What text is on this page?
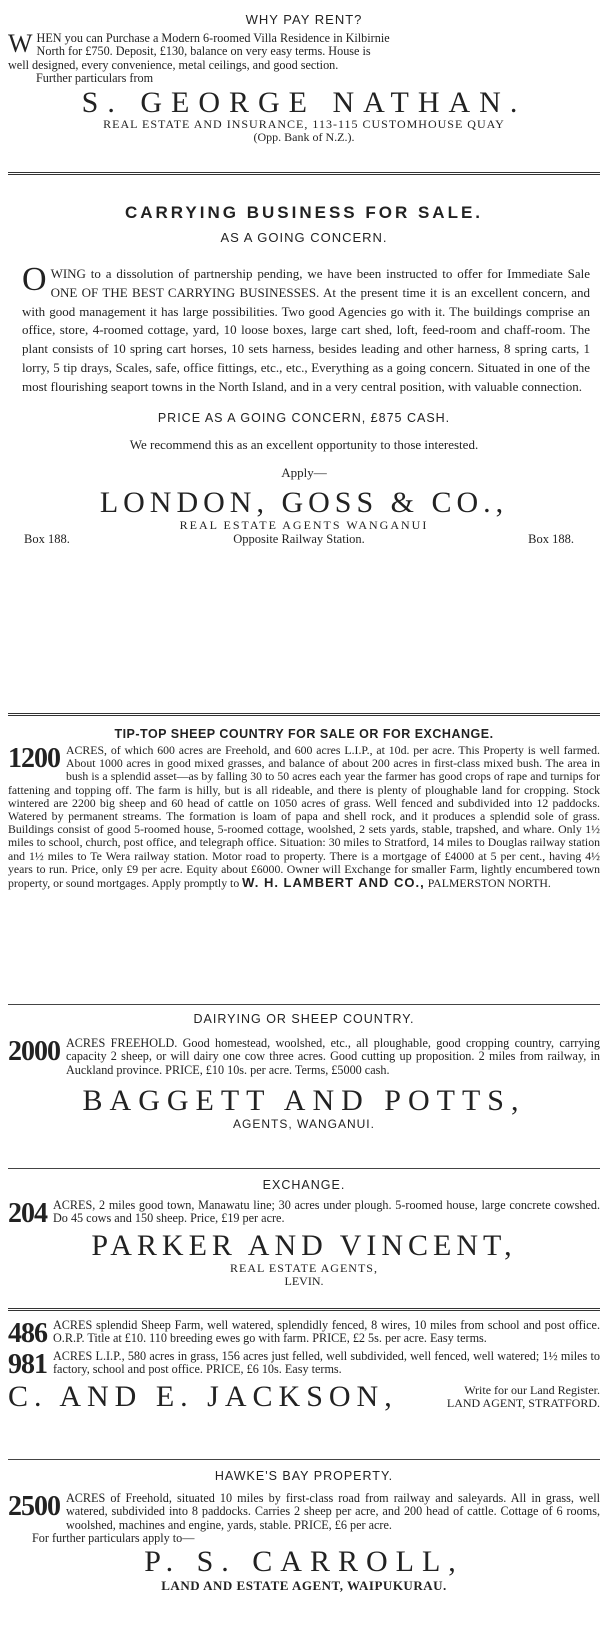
WHY PAY RENT?

WHEN you can Purchase a Modern 6-roomed Villa Residence in Kilbirnie
North for £750. Deposit, £130, balance on very easy terms. House is
well designed, every convenience, metal ceilings, and good section.
Further particulars from

S. GEORGE NATHAN.
REAL ESTATE AND INSURANCE, 113-115 CUSTOMHOUSE QUAY
(Opp. Bank of N.Z.).
CARRYING BUSINESS FOR SALE.
AS A GOING CONCERN.

OWING to a dissolution of partnership pending, we have been instructed to offer for Immediate Sale ONE OF THE BEST CARRYING BUSINESSES. At the present time it is an excellent concern, and with good management it has large possibilities. Two good Agencies go with it. The buildings comprise an office, store, 4-roomed cottage, yard, 10 loose boxes, large cart shed, loft, feed-room and chaff-room. The plant consists of 10 spring cart horses, 10 sets harness, besides leading and other harness, 8 spring carts, 1 lorry, 5 tip drays, Scales, safe, office fittings, etc., etc., Everything as a going concern. Situated in one of the most flourishing seaport towns in the North Island, and in a very central position, with valuable connection.

PRICE AS A GOING CONCERN, £875 CASH.
We recommend this as an excellent opportunity to those interested.
Apply—
LONDON, GOSS & CO.,
REAL ESTATE AGENTS WANGANUI
Box 188.	Opposite Railway Station.	Box 188.
TIP-TOP SHEEP COUNTRY FOR SALE OR FOR EXCHANGE.

1200 ACRES, of which 600 acres are Freehold, and 600 acres L.I.P., at 10d. per acre. This Property is well farmed. About 1000 acres in good mixed grasses, and balance of about 200 acres in first-class mixed bush. The area in bush is a splendid asset—as by falling 30 to 50 acres each year the farmer has good crops of rape and turnips for fattening and topping off. The farm is hilly, but is all rideable, and there is plenty of ploughable land for cropping. Stock wintered are 2200 big sheep and 60 head of cattle on 1050 acres of grass. Well fenced and subdivided into 12 paddocks. Watered by permanent streams. The formation is loam of papa and shell rock, and it produces a splendid sole of grass. Buildings consist of good 5-roomed house, 5-roomed cottage, woolshed, 2 sets yards, stable, trapshed, and whare. Only 1½ miles to school, church, post office, and telegraph office. Situation: 30 miles to Stratford, 14 miles to Douglas railway station and 1½ miles to Te Wera railway station. Motor road to property. There is a mortgage of £4000 at 5 per cent., having 4½ years to run. Price, only £9 per acre. Equity about £6000. Owner will Exchange for smaller Farm, lightly encumbered town property, or sound mortgages. Apply promptly to W. H. LAMBERT AND CO., PALMERSTON NORTH.

DAIRYING OR SHEEP COUNTRY.

2000 ACRES FREEHOLD. Good homestead, woolshed, etc., all ploughable, good cropping country, carrying capacity 2 sheep, or will dairy one cow three acres. Good cutting up proposition. 2 miles from railway, in Auckland province. PRICE, £10 10s. per acre. Terms, £5000 cash.

BAGGETT AND POTTS,
AGENTS, WANGANUI.
EXCHANGE.

204 ACRES, 2 miles good town, Manawatu line; 30 acres under plough. 5-roomed house, large concrete cowshed. Do 45 cows and 150 sheep. Price, £19 per acre.

PARKER AND VINCENT,
REAL ESTATE AGENTS,
LEVIN.

486 ACRES splendid Sheep Farm, well watered, splendidly fenced, 8 wires, 10 miles from school and post office. O.R.P. Title at £10. 110 breeding ewes go with farm. PRICE, £2 5s. per acre. Easy terms.

981 ACRES L.I.P., 580 acres in grass, 156 acres just felled, well subdivided, well fenced, well watered; 1½ miles to factory, school and post office. PRICE, £6 10s. Easy terms.

C. AND E. JACKSON,	Write for our Land Register.
LAND AGENT, STRATFORD.
HAWKE'S BAY PROPERTY.

2500 ACRES of Freehold, situated 10 miles by first-class road from railway and saleyards. All in grass, well watered, subdivided into 8 paddocks. Carries 2 sheep per acre, and 200 head of cattle. Cottage of 6 rooms, woolshed, machines and engine, yards, stable. PRICE, £6 per acre.
For further particulars apply to—

P. S. CARROLL,
LAND AND ESTATE AGENT, WAIPUKURAU.
